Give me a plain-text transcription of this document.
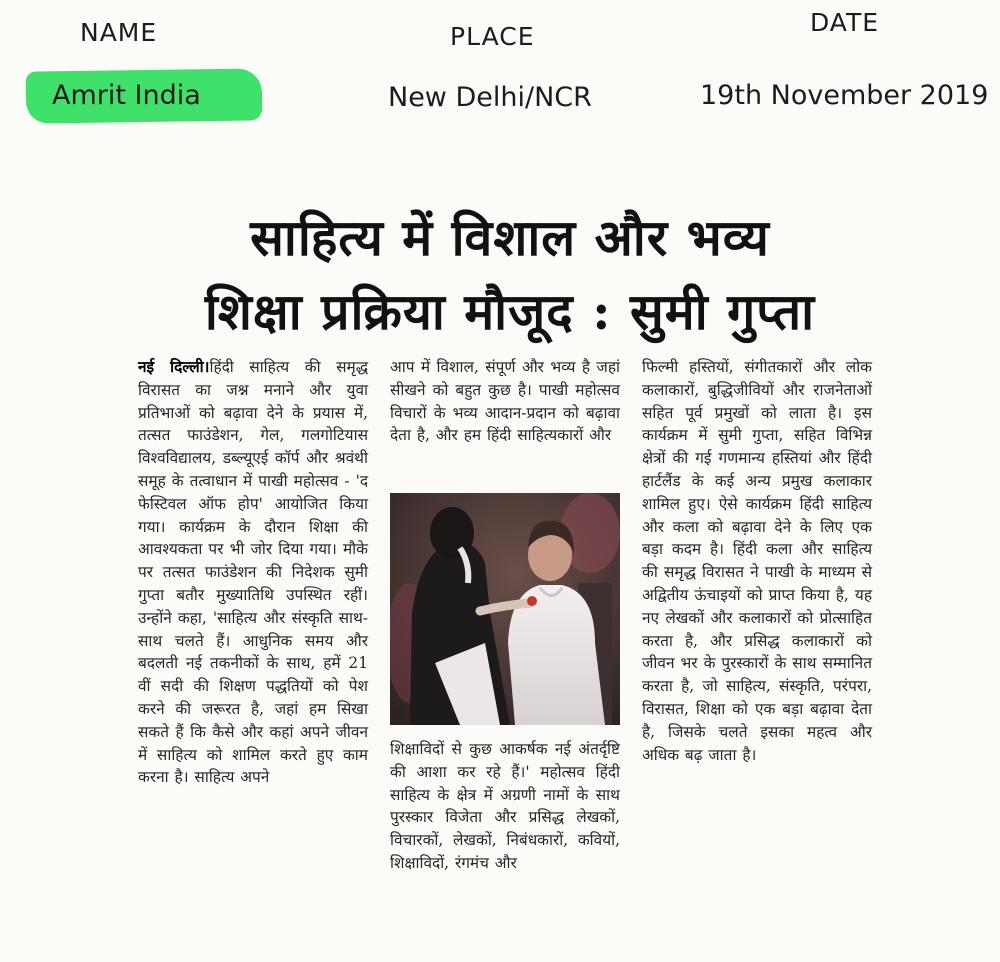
NAME	PLACE	DATE
Amrit India	New Delhi/NCR	19th November 2019
साहित्य में विशाल और भव्य
शिक्षा प्रक्रिया मौजूद : सुमी गुप्ता
नई दिल्ली।हिंदी साहित्य की समृद्ध विरासत का जश्न मनाने और युवा प्रतिभाओं को बढ़ावा देने के प्रयास में, तत्सत फाउंडेशन, गेल, गलगोटियास विश्वविद्यालय, डब्ल्यूएई कॉर्प और श्रवंथी समूह के तत्वाधान में पाखी महोत्सव - 'द फेस्टिवल ऑफ होप' आयोजित किया गया। कार्यक्रम के दौरान शिक्षा की आवश्यकता पर भी जोर दिया गया। मौके पर तत्सत फाउंडेशन की निदेशक सुमी गुप्ता बतौर मुख्यातिथि उपस्थित रहीं। उन्होंने कहा, 'साहित्य और संस्कृति साथ-साथ चलते हैं। आधुनिक समय और बदलती नई तकनीकों के साथ, हमें 21 वीं सदी की शिक्षण पद्धतियों को पेश करने की जरूरत है, जहां हम सिखा सकते हैं कि कैसे और कहां अपने जीवन में साहित्य को शामिल करते हुए काम करना है। साहित्य अपने
आप में विशाल, संपूर्ण और भव्य है जहां सीखने को बहुत कुछ है। पाखी महोत्सव विचारों के भव्य आदान-प्रदान को बढ़ावा देता है, और हम हिंदी साहित्यकारों और
शिक्षाविदों से कुछ आकर्षक नई अंतर्दृष्टि की आशा कर रहे हैं।' महोत्सव हिंदी साहित्य के क्षेत्र में अग्रणी नामों के साथ पुरस्कार विजेता और प्रसिद्ध लेखकों, विचारकों, लेखकों, निबंधकारों, कवियों, शिक्षाविदों, रंगमंच और
फिल्मी हस्तियों, संगीतकारों और लोक कलाकारों, बुद्धिजीवियों और राजनेताओं सहित पूर्व प्रमुखों को लाता है। इस कार्यक्रम में सुमी गुप्ता, सहित विभिन्न क्षेत्रों की गई गणमान्य हस्तियां और हिंदी हार्टलैंड के कई अन्य प्रमुख कलाकार शामिल हुए। ऐसे कार्यक्रम हिंदी साहित्य और कला को बढ़ावा देने के लिए एक बड़ा कदम है। हिंदी कला और साहित्य की समृद्ध विरासत ने पाखी के माध्यम से अद्वितीय ऊंचाइयों को प्राप्त किया है, यह नए लेखकों और कलाकारों को प्रोत्साहित करता है, और प्रसिद्ध कलाकारों को जीवन भर के पुरस्कारों के साथ सम्मानित करता है, जो साहित्य, संस्कृति, परंपरा, विरासत, शिक्षा को एक बड़ा बढ़ावा देता है, जिसके चलते इसका महत्व और अधिक बढ़ जाता है।
